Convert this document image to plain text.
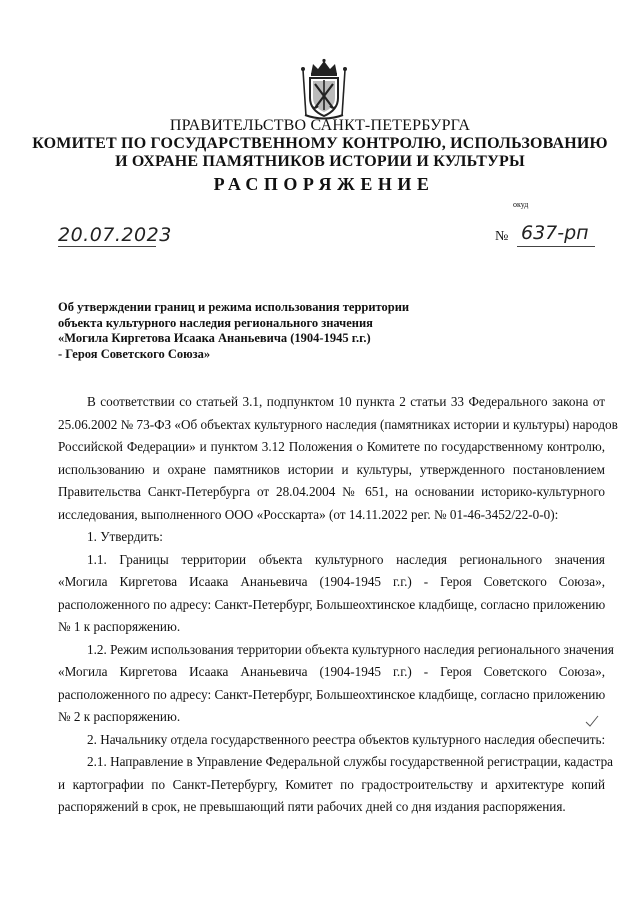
ПРАВИТЕЛЬСТВО САНКТ-ПЕТЕРБУРГА
КОМИТЕТ ПО ГОСУДАРСТВЕННОМУ КОНТРОЛЮ, ИСПОЛЬЗОВАНИЮ
И ОХРАНЕ ПАМЯТНИКОВ ИСТОРИИ И КУЛЬТУРЫ
РАСПОРЯЖЕНИЕ
окуд
20.07.2023	№ 637-рп
Об утверждении границ и режима использования территории
объекта культурного наследия регионального значения
«Могила Киргетова Исаака Ананьевича (1904-1945 г.г.)
- Героя Советского Союза»

В соответствии со статьей 3.1, подпунктом 10 пункта 2 статьи 33 Федерального закона от

25.06.2002 № 73-ФЗ «Об объектах культурного наследия (памятниках истории и культуры) народов

Российской Федерации» и пунктом 3.12 Положения о Комитете по государственному контролю,

использованию и охране памятников истории и культуры, утвержденного постановлением

Правительства Санкт-Петербурга от 28.04.2004 № 651, на основании историко-культурного

исследования, выполненного ООО «Росскарта» (от 14.11.2022 рег. № 01-46-3452/22-0-0):

1. Утвердить:

1.1. Границы территории объекта культурного наследия регионального значения

«Могила Киргетова Исаака Ананьевича (1904-1945 г.г.) - Героя Советского Союза»,

расположенного по адресу: Санкт-Петербург, Большеохтинское кладбище, согласно приложению

№ 1 к распоряжению.

1.2. Режим использования территории объекта культурного наследия регионального значения

«Могила Киргетова Исаака Ананьевича (1904-1945 г.г.) - Героя Советского Союза»,

расположенного по адресу: Санкт-Петербург, Большеохтинское кладбище, согласно приложению

№ 2 к распоряжению.

2. Начальнику отдела государственного реестра объектов культурного наследия обеспечить:

2.1. Направление в Управление Федеральной службы государственной регистрации, кадастра

и картографии по Санкт-Петербургу, Комитет по градостроительству и архитектуре копий

распоряжений в срок, не превышающий пяти рабочих дней со дня издания распоряжения.
